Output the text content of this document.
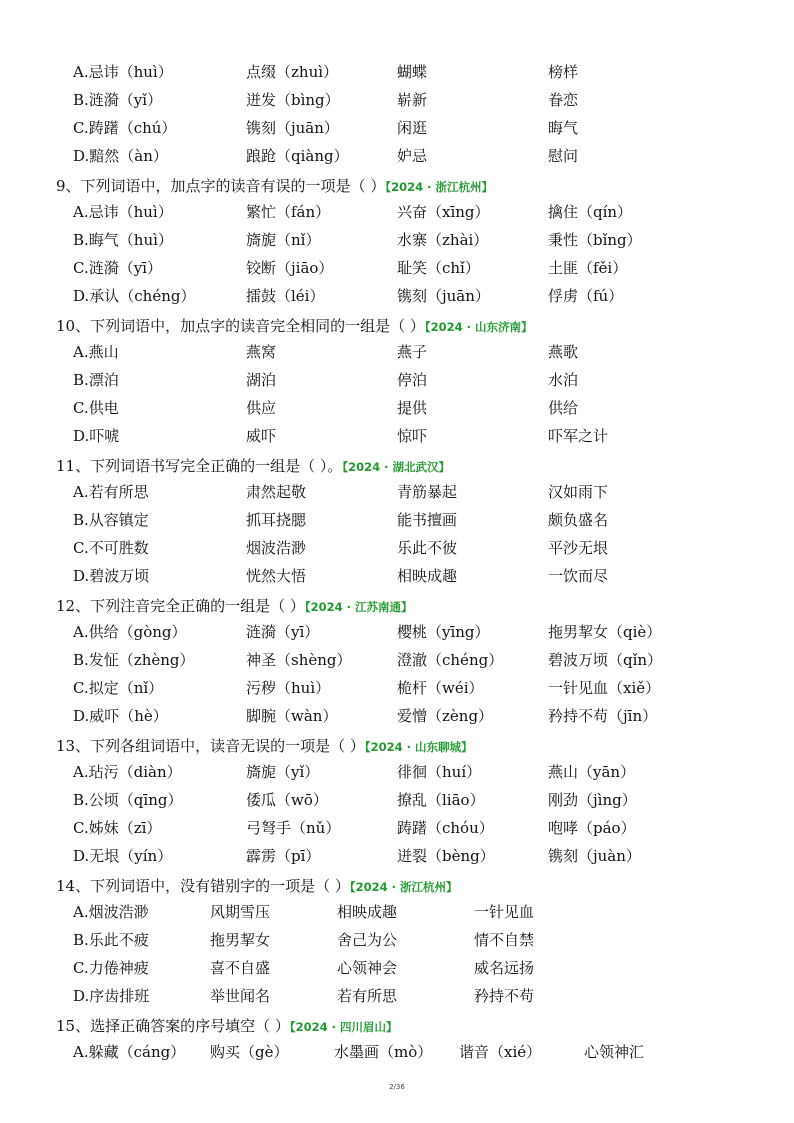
A.忌讳（huì）	点缀（zhuì）	蝴蝶	榜样
B.涟漪（yǐ）	迸发（bìng）	崭新	眷恋
C.踌躇（chú）	镌刻（juān）	闲逛	晦气
D.黯然（àn）	踉跄（qiàng）	妒忌	慰问
9、下列词语中，加点字的读音有误的一项是（ ）【2024 · 浙江杭州】
A.忌讳（huì）	繁忙（fán）	兴奋（xīng）	擒住（qín）
B.晦气（huì）	旖旎（nǐ）	水寨（zhài）	秉性（bǐng）
C.涟漪（yī）	铰断（jiāo）	耻笑（chǐ）	土匪（fěi）
D.承认（chéng）	擂鼓（léi）	镌刻（juān）	俘虏（fú）
10、下列词语中，加点字的读音完全相同的一组是（ ）【2024 · 山东济南】
A.燕山	燕窝	燕子	燕歌
B.漂泊	湖泊	停泊	水泊
C.供电	供应	提供	供给
D.吓唬	威吓	惊吓	吓军之计
11、下列词语书写完全正确的一组是（ ）。【2024 · 湖北武汉】
A.若有所思	肃然起敬	青筋暴起	汉如雨下
B.从容镇定	抓耳挠腮	能书擅画	颇负盛名
C.不可胜数	烟波浩渺	乐此不彼	平沙无垠
D.碧波万顷	恍然大悟	相映成趣	一饮而尽
12、下列注音完全正确的一组是（ ）【2024 · 江苏南通】
A.供给（gòng）	涟漪（yī）	樱桃（yīng）	拖男挈女（qiè）
B.发怔（zhèng）	神圣（shèng）	澄澈（chéng）	碧波万顷（qǐn）
C.拟定（nǐ）	污秽（huì）	桅杆（wéi）	一针见血（xiě）
D.威吓（hè）	脚腕（wàn）	爱憎（zèng）	矜持不苟（jīn）
13、下列各组词语中，读音无误的一项是（ ）【2024 · 山东聊城】
A.玷污（diàn）	旖旎（yǐ）	徘徊（huí）	燕山（yān）
B.公顷（qīng）	倭瓜（wō）	撩乱（liāo）	刚劲（jìng）
C.姊妹（zī）	弓弩手（nǔ）	踌躇（chóu）	咆哮（páo）
D.无垠（yín）	霹雳（pī）	迸裂（bèng）	镌刻（juàn）
14、下列词语中，没有错别字的一项是（ ）【2024 · 浙江杭州】
A.烟波浩渺	风期雪压	相映成趣	一针见血
B.乐此不疲	拖男挈女	舍己为公	情不自禁
C.力倦神疲	喜不自盛	心领神会	威名远扬
D.序齿排班	举世闻名	若有所思	矜持不苟
15、选择正确答案的序号填空（ ）【2024 · 四川眉山】
A.躲藏（cáng） 购买（gè）	水墨画（mò） 谐音（xié）	心领神汇
2/36
